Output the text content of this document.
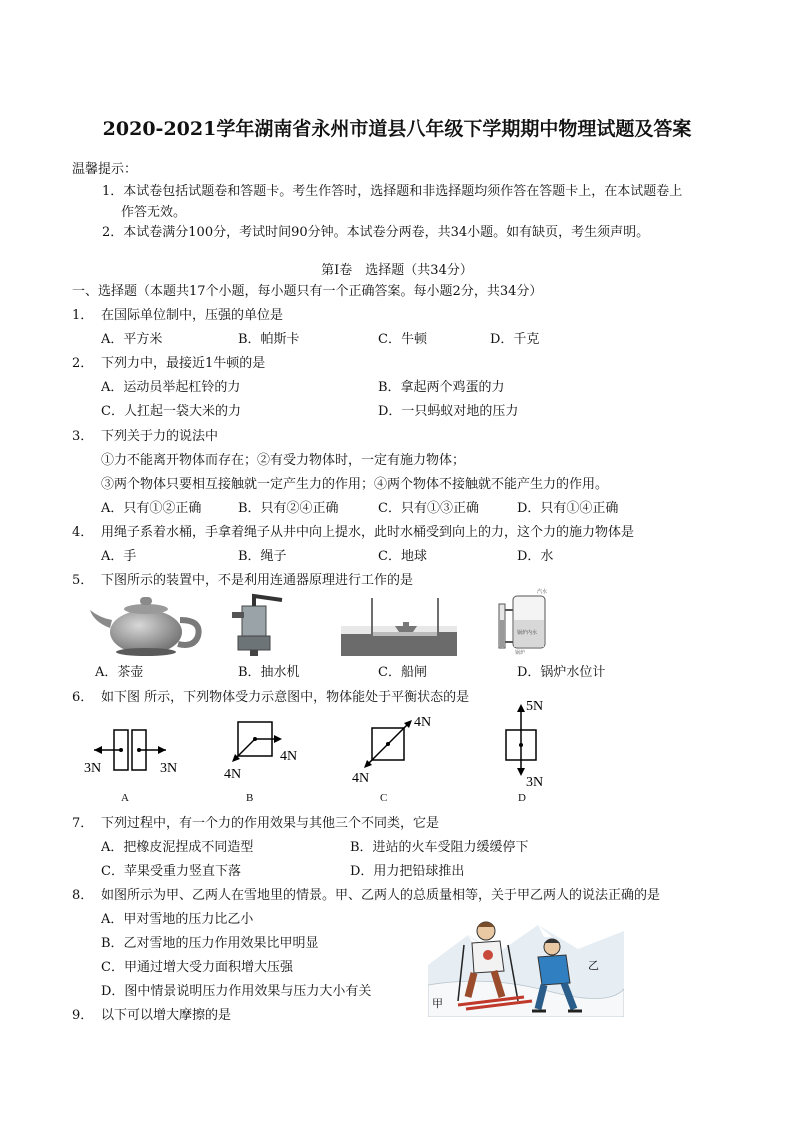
2020-2021学年湖南省永州市道县八年级下学期期中物理试题及答案
温馨提示：
1．本试卷包括试题卷和答题卡。考生作答时，选择题和非选择题均须作答在答题卡上，在本试题卷上
作答无效。
2．本试卷满分100分，考试时间90分钟。本试卷分两卷，共34小题。如有缺页，考生须声明。
第Ⅰ卷　选择题（共34分）
一、选择题（本题共17个小题，每小题只有一个正确答案。每小题2分，共34分）
1． 在国际单位制中，压强的单位是
A．平方米	B．帕斯卡	C．牛顿	D．千克
2． 下列力中，最接近1牛顿的是
A．运动员举起杠铃的力	B．拿起两个鸡蛋的力
C．人扛起一袋大米的力	D．一只蚂蚁对地的压力
3． 下列关于力的说法中
①力不能离开物体而存在；②有受力物体时，一定有施力物体；
③两个物体只要相互接触就一定产生力的作用；④两个物体不接触就不能产生力的作用。
A．只有①②正确	B．只有②④正确	C．只有①③正确	D．只有①④正确
4． 用绳子系着水桶，手拿着绳子从井中向上提水，此时水桶受到向上的力，这个力的施力物体是
A．手	B．绳子	C．地球	D．水
5． 下图所示的装置中，不是利用连通器原理进行工作的是
汽水
锅炉内水
锅炉
A．茶壶	B．抽水机	C．船闸	D．锅炉水位计
6． 如下图 所示，下列物体受力示意图中，物体能处于平衡状态的是
3N	3N
4N
4N
4N
4N
5N
3N
A	B	C	D
7． 下列过程中，有一个力的作用效果与其他三个不同类，它是
A．把橡皮泥捏成不同造型	B．进站的火车受阻力缓缓停下
C．苹果受重力竖直下落	D．用力把铅球推出
8． 如图所示为甲、乙两人在雪地里的情景。甲、乙两人的总质量相等，关于甲乙两人的说法正确的是
A．甲对雪地的压力比乙小
B．乙对雪地的压力作用效果比甲明显
C．甲通过增大受力面积增大压强
D．图中情景说明压力作用效果与压力大小有关
甲
乙
9． 以下可以增大摩擦的是
